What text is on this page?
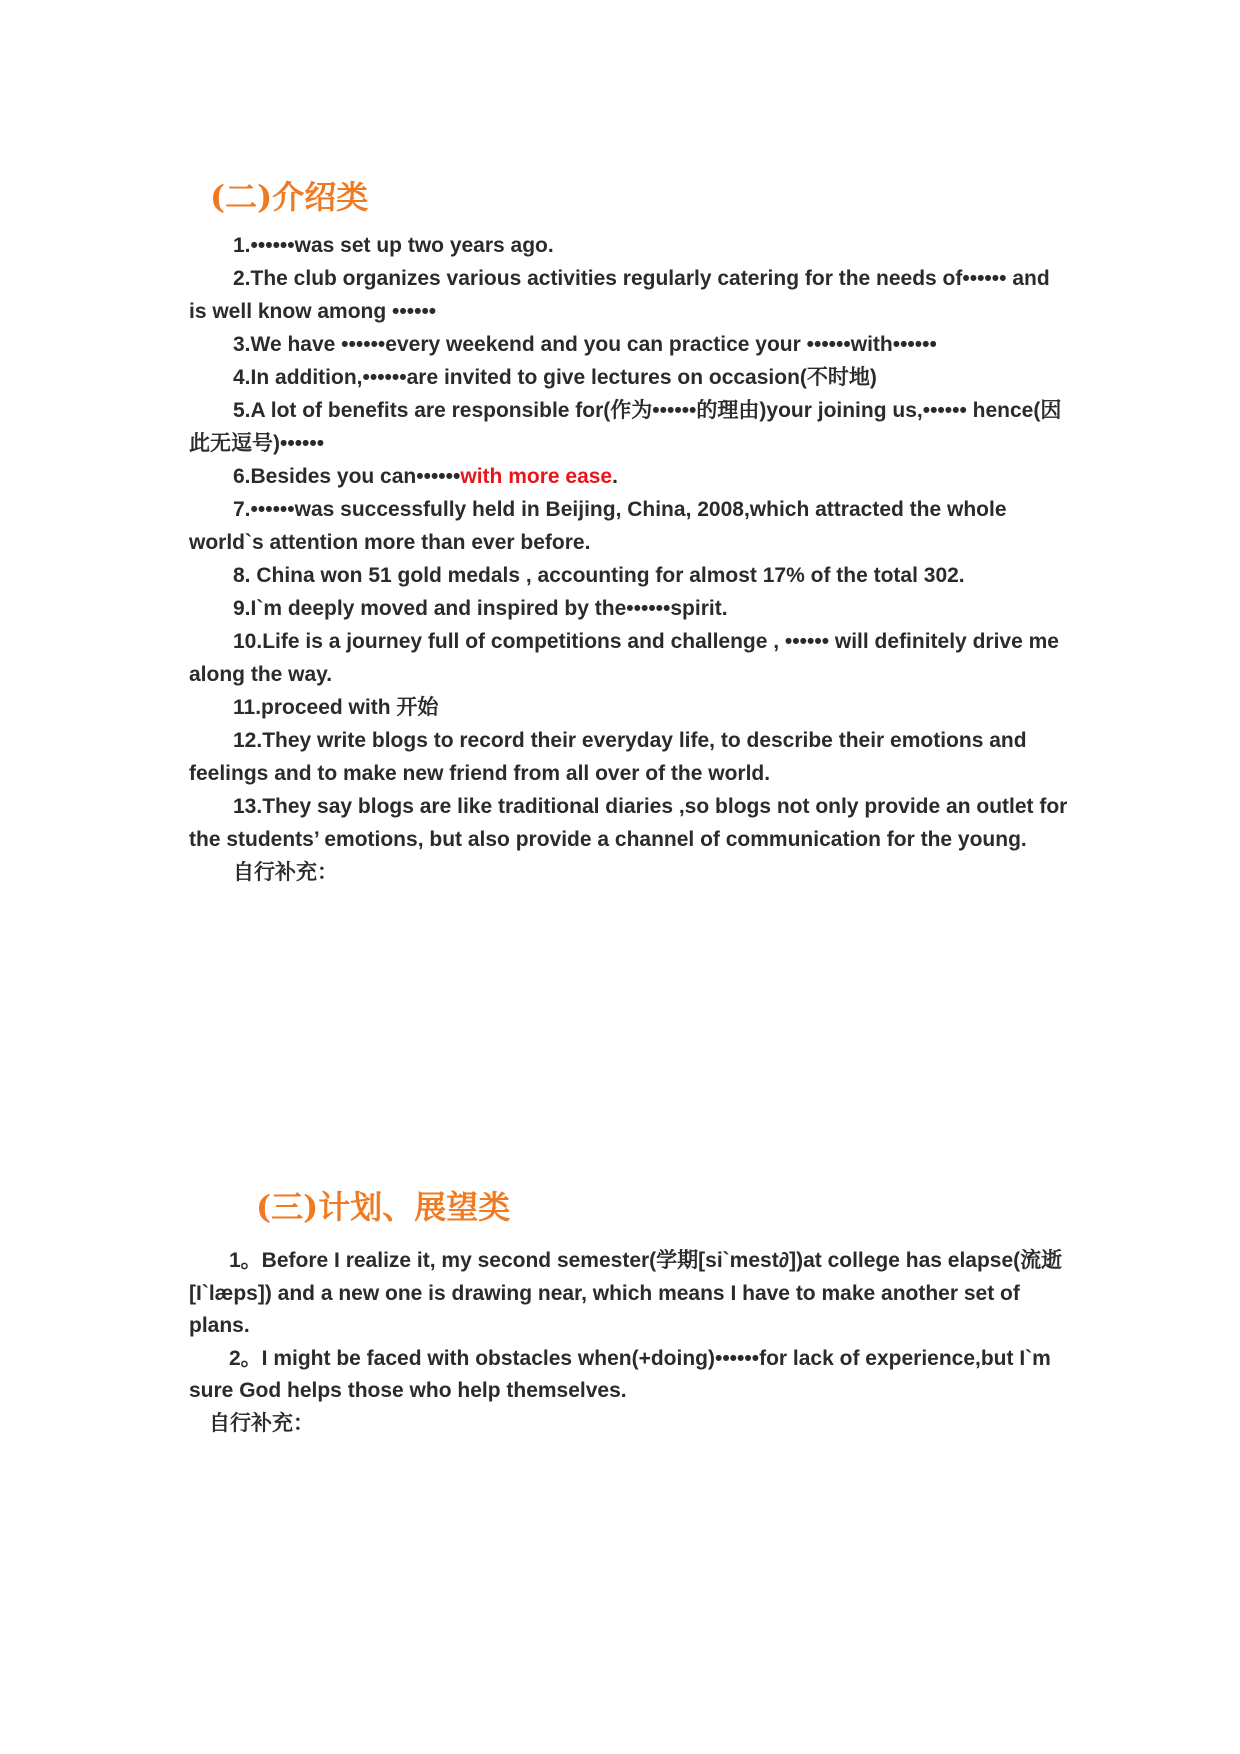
(二)介绍类

1.••••••was set up two years ago.

2.The club organizes various activities regularly catering for the needs of•••••• and is well know among ••••••

3.We have ••••••every weekend and you can practice your ••••••with••••••

4.In addition,••••••are invited to give lectures on occasion(不时地)

5.A lot of benefits are responsible for(作为••••••的理由)your joining us,•••••• hence(因此无逗号)••••••

6.Besides you can••••••with more ease.

7.••••••was successfully held in Beijing, China, 2008,which attracted the whole world`s attention more than ever before.

8. China won 51 gold medals , accounting for almost 17% of the total 302.

9.I`m deeply moved and inspired by the••••••spirit.

10.Life is a journey full of competitions and challenge , •••••• will definitely drive me along the way.

11.proceed with 开始

12.They write blogs to record their everyday life, to describe their emotions and feelings and to make new friend from all over of the world.

13.They say blogs are like traditional diaries ,so blogs not only provide an outlet for the students’ emotions, but also provide a channel of communication for the young.

自行补充：

(三)计划、展望类

1。Before I realize it, my second semester(学期[si`mest∂])at college has elapse(流逝[I`læps]) and a new one is drawing near, which means I have to make another set of plans.

2。I might be faced with obstacles when(+doing)••••••for lack of experience,but I`m sure God helps those who help themselves.

自行补充：
